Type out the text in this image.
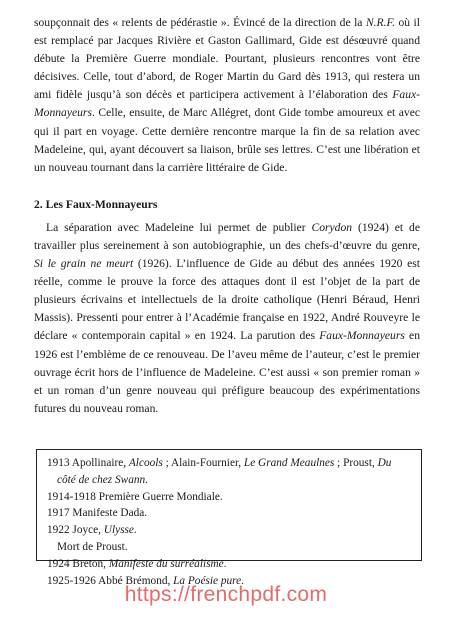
soupçonnait des « relents de pédérastie ». Évincé de la direction de la N.R.F. où il est remplacé par Jacques Rivière et Gaston Gallimard, Gide est désœuvré quand débute la Première Guerre mondiale. Pourtant, plusieurs rencontres vont être décisives. Celle, tout d’abord, de Roger Martin du Gard dès 1913, qui restera un ami fidèle jusqu’à son décès et participera activement à l’élaboration des Faux-Monnayeurs. Celle, ensuite, de Marc Allégret, dont Gide tombe amoureux et avec qui il part en voyage. Cette dernière rencontre marque la fin de sa relation avec Madeleine, qui, ayant découvert sa liaison, brûle ses lettres. C’est une libération et un nouveau tournant dans la carrière littéraire de Gide.

2. Les Faux-Monnayeurs

La séparation avec Madeleine lui permet de publier Corydon (1924) et de travailler plus sereinement à son autobiographie, un des chefs-d’œuvre du genre, Si le grain ne meurt (1926). L’influence de Gide au début des années 1920 est réelle, comme le prouve la force des attaques dont il est l’objet de la part de plusieurs écrivains et intellectuels de la droite catholique (Henri Béraud, Henri Massis). Pressenti pour entrer à l’Académie française en 1922, André Rouveyre le déclare « contemporain capital » en 1924. La parution des Faux-Monnayeurs en 1926 est l’emblème de ce renouveau. De l’aveu même de l’auteur, c’est le premier ouvrage écrit hors de l’influence de Madeleine. C’est aussi « son premier roman » et un roman d’un genre nouveau qui préfigure beaucoup des expérimentations futures du nouveau roman.

1913 Apollinaire, Alcools ; Alain-Fournier, Le Grand Meaulnes ; Proust, Du
côté de chez Swann.
1914-1918 Première Guerre Mondiale.
1917 Manifeste Dada.
1922 Joyce, Ulysse.
Mort de Proust.
1924 Breton, Manifeste du surréalisme.
1925-1926 Abbé Brémond, La Poésie pure.
https://frenchpdf.com
